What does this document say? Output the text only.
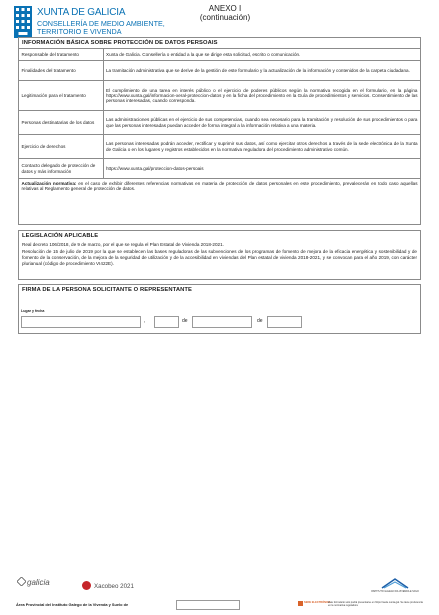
XUNTA DE GALICIA
CONSELLERÍA DE MEDIO AMBIENTE,
TERRITORIO E VIVENDA
ANEXO I
(continuación)
INFORMACIÓN BÁSICA SOBRE PROTECCIÓN DE DATOS PERSOAIS
Responsable del tratamento	Xunta de Galicia. Consellería o entidad a la que se dirige esta solicitud, escrito o comunicación.
Finalidades del tratamento	La tramitación administrativa que se derive de la gestión de este formulario y la actualización de la información y contenidos de la carpeta ciudadana.
Legitimación para el tratamento	El cumplimiento de una tarea en interés público o el ejercicio de poderes públicos según la normativa recogida en el formulario, en la página https://www.xunta.gal/informacion-xeral-proteccion-datos y en la ficha del procedimiento en la Guía de procedimientos y servicios. Consentimiento de las personas interesadas, cuando corresponda.
Personas destinatarias de los datos	Las administraciones públicas en el ejercicio de sus competencias, cuando sea necesario para la tramitación y resolución de sus procedimientos o para que las personas interesadas puedan acceder de forma integral a la información relativa a una materia.
Ejercicio de derechos	Las personas interesadas podrán acceder, rectificar y suprimir sus datos, así como ejercitar otros derechos a través de la sede electrónica de la Xunta de Galicia o en los lugares y registros establecidos en la normativa reguladora del procedimiento administrativo común.
Contacto delegado de protección de datos y más información	https://www.xunta.gal/proteccion-datos-persoais
Actualización normativa: en el caso de exhibir diferentes referencias normativas en materia de protección de datos personales en este procedimiento, prevalecerán en todo caso aquellas relativas al Reglamento general de protección de datos.	
LEGISLACIÓN APLICABLE

Real decreto 106/2018, de 9 de marzo, por el que se regula el Plan Estatal de Vivienda 2018-2021.

Resolución de 15 de julio de 2019 por la que se establecen las bases reguladoras de las subvenciones de los programas de fomento de mejora de la eficacia energética y sostenibilidad y de fomento de la conservación, de la mejora de la seguridad de utilización y de la accesibilidad en viviendas del Plan estatal de vivienda 2018-2021, y se convocan para el año 2019, con carácter plurianual (código de procedimiento VI422E).

FIRMA DE LA PERSONA SOLICITANTE O REPRESENTANTE
Lugar y fecha
,	de	de
galicia	Xacobeo 2021
INSTITUTO GALEGO DA VIVENDA E SOLO
Área Provincial del Instituto Galego de la Vivenda y Suelo de	SEDE ELECTRÓNICA
Este formulario solo podrá presentarse en https://sede.xunta.gal. Se tiene preferencia en la normativa reguladora
